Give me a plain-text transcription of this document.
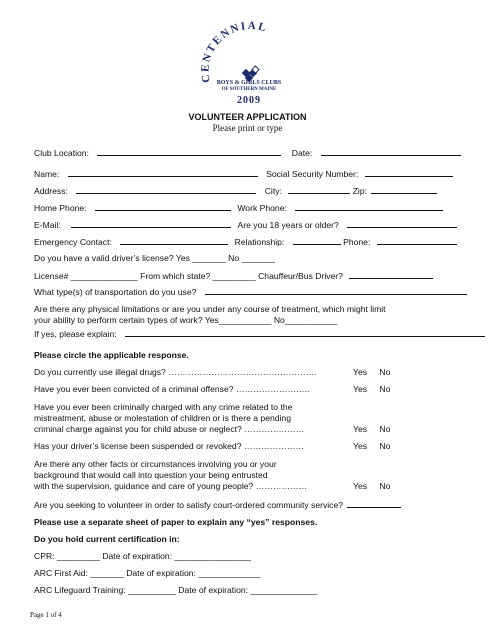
CENTENNIAL
BOYS & GIRLS CLUBS
OF SOUTHERN MAINE
2009
VOLUNTEER APPLICATION
Please print or type
Club Location:	Date:
Name:	Social Security Number:
Address:	City:	Zip:
Home Phone:	Work Phone:
E-Mail:	Are you 18 years or older?
Emergency Contact:	Relationship:	Phone:
Do you have a valid driver’s license? Yes _______ No _______
License# ______________ From which state? _________ Chauffeur/Bus Driver?
What type(s) of transportation do you use?
Are there any physical limitations or are you under any course of treatment, which might limit
your ability to perform certain types of work? Yes___________ No___________
If yes, please explain:
Please circle the applicable response.
Do you currently use illegal drugs? …………………………………………….	Yes No
Have you ever been convicted of a criminal offense? ……………………..	Yes No
Have you ever been criminally charged with any crime related to the
mistreatment, abuse or molestation of children or is there a pending
criminal charge against you for child abuse or neglect? …………………	Yes No
Has your driver’s license been suspended or revoked? …………………	Yes No
Are there any other facts or circumstances involving you or your
background that would call into question your being entrusted
with the supervision, guidance and care of young people? ………………	Yes No
Are you seeking to volunteer in order to satisfy court-ordered community service?
Please use a separate sheet of paper to explain any “yes” responses.
Do you hold current certification in:
CPR: _________ Date of expiration: ________________
ARC First Aid: _______ Date of expiration: _____________
ARC Lifeguard Training: __________ Date of expiration: ______________
Page 1 of 4
